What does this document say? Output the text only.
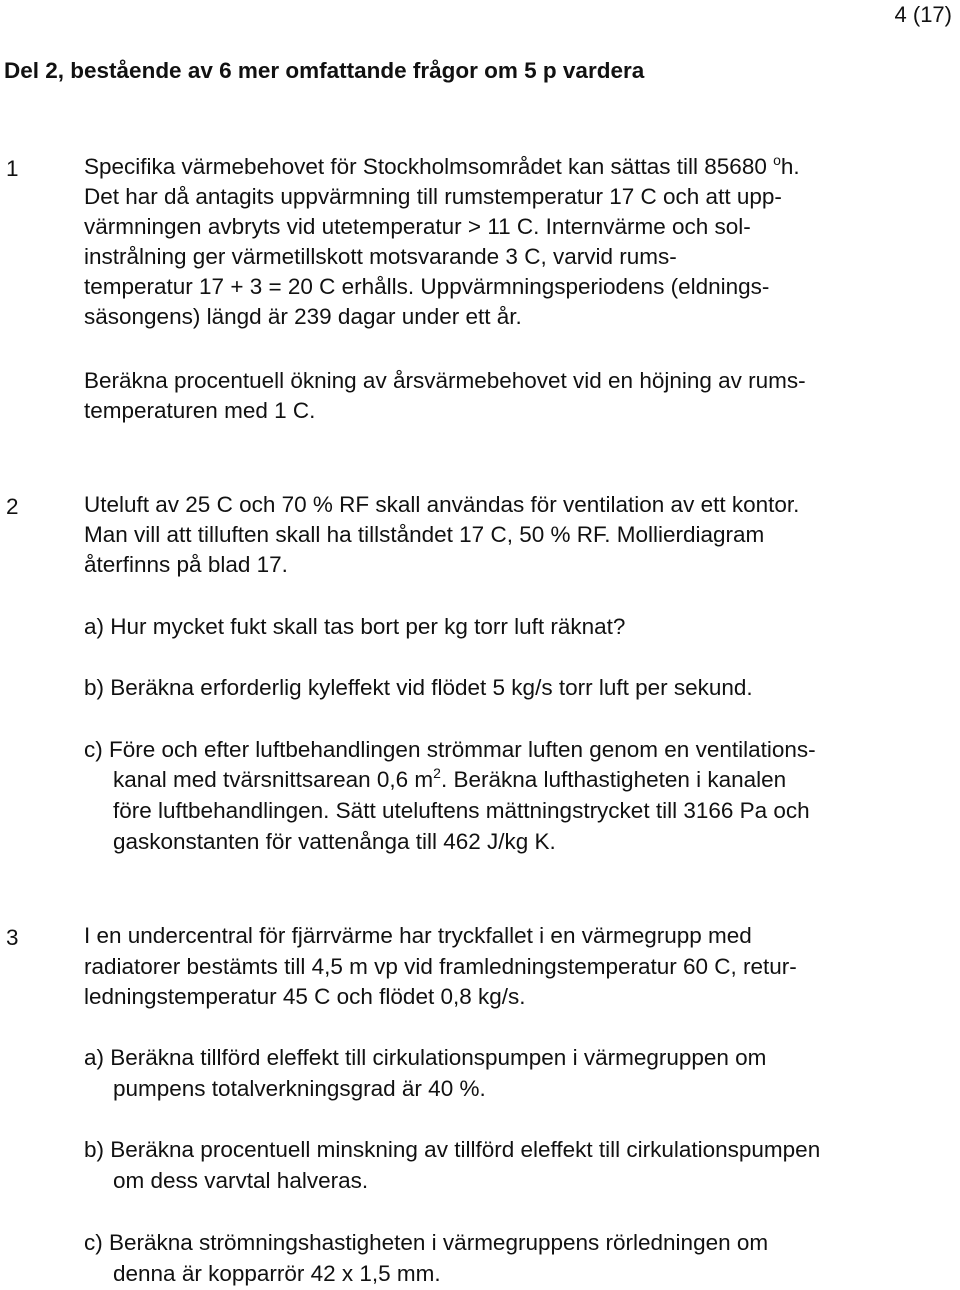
4 (17)
Del 2, bestående av 6 mer omfattande frågor om 5 p vardera
1	Specifika värmebehovet för Stockholmsområdet kan sättas till 85680 $^o$h.
Det har då antagits uppvärmning till rumstemperatur 17 C och att upp-
värmningen avbryts vid utetemperatur > 11 C. Internvärme och sol-
instrålning ger värmetillskott motsvarande 3 C, varvid rums-
temperatur 17 + 3 = 20 C erhålls. Uppvärmningsperiodens (eldnings-
säsongens) längd är 239 dagar under ett år.
Beräkna procentuell ökning av årsvärmebehovet vid en höjning av rums-
temperaturen med 1 C.
2	Uteluft av 25 C och 70 % RF skall användas för ventilation av ett kontor.
Man vill att tilluften skall ha tillståndet 17 C, 50 % RF. Mollierdiagram
återfinns på blad 17.
a) Hur mycket fukt skall tas bort per kg torr luft räknat?
b) Beräkna erforderlig kyleffekt vid flödet 5 kg/s torr luft per sekund.
c) Före och efter luftbehandlingen strömmar luften genom en ventilations-
kanal med tvärsnittsarean 0,6 $m^2$. Beräkna lufthastigheten i kanalen
före luftbehandlingen. Sätt uteluftens mättningstrycket till 3166 Pa och
gaskonstanten för vattenånga till 462 J/kg K.
3	I en undercentral för fjärrvärme har tryckfallet i en värmegrupp med
radiatorer bestämts till 4,5 m vp vid framledningstemperatur 60 C, retur-
ledningstemperatur 45 C och flödet 0,8 kg/s.
a) Beräkna tillförd eleffekt till cirkulationspumpen i värmegruppen om
pumpens totalverkningsgrad är 40 %.
b) Beräkna procentuell minskning av tillförd eleffekt till cirkulationspumpen
om dess varvtal halveras.
c) Beräkna strömningshastigheten i värmegruppens rörledningen om
denna är kopparrör 42 x 1,5 mm.
